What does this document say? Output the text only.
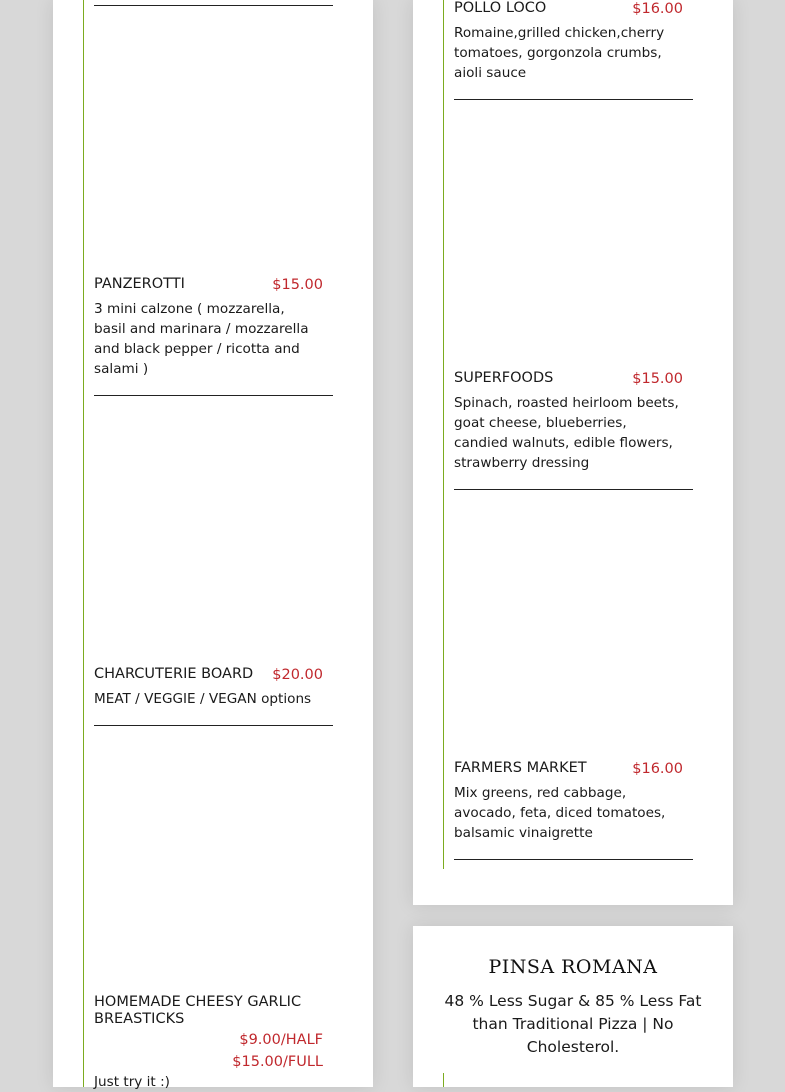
PANZEROTTI	$15.00
3 mini calzone ( mozzarella, basil and marinara / mozzarella and black pepper / ricotta and salami )
CHARCUTERIE BOARD $20.00
MEAT / VEGGIE / VEGAN options
HOMEMADE CHEESY GARLIC BREASTICKS
$9.00/HALF
$15.00/FULL
Just try it :)
POLLO LOCO	$16.00
Romaine,grilled chicken,cherry tomatoes, gorgonzola crumbs, aioli sauce
SUPERFOODS	$15.00
Spinach, roasted heirloom beets, goat cheese, blueberries, candied walnuts, edible flowers, strawberry dressing
FARMERS MARKET	$16.00
Mix greens, red cabbage, avocado, feta, diced tomatoes, balsamic vinaigrette
PINSA ROMANA
48 % Less Sugar & 85 % Less Fat than Traditional Pizza | No Cholesterol.
